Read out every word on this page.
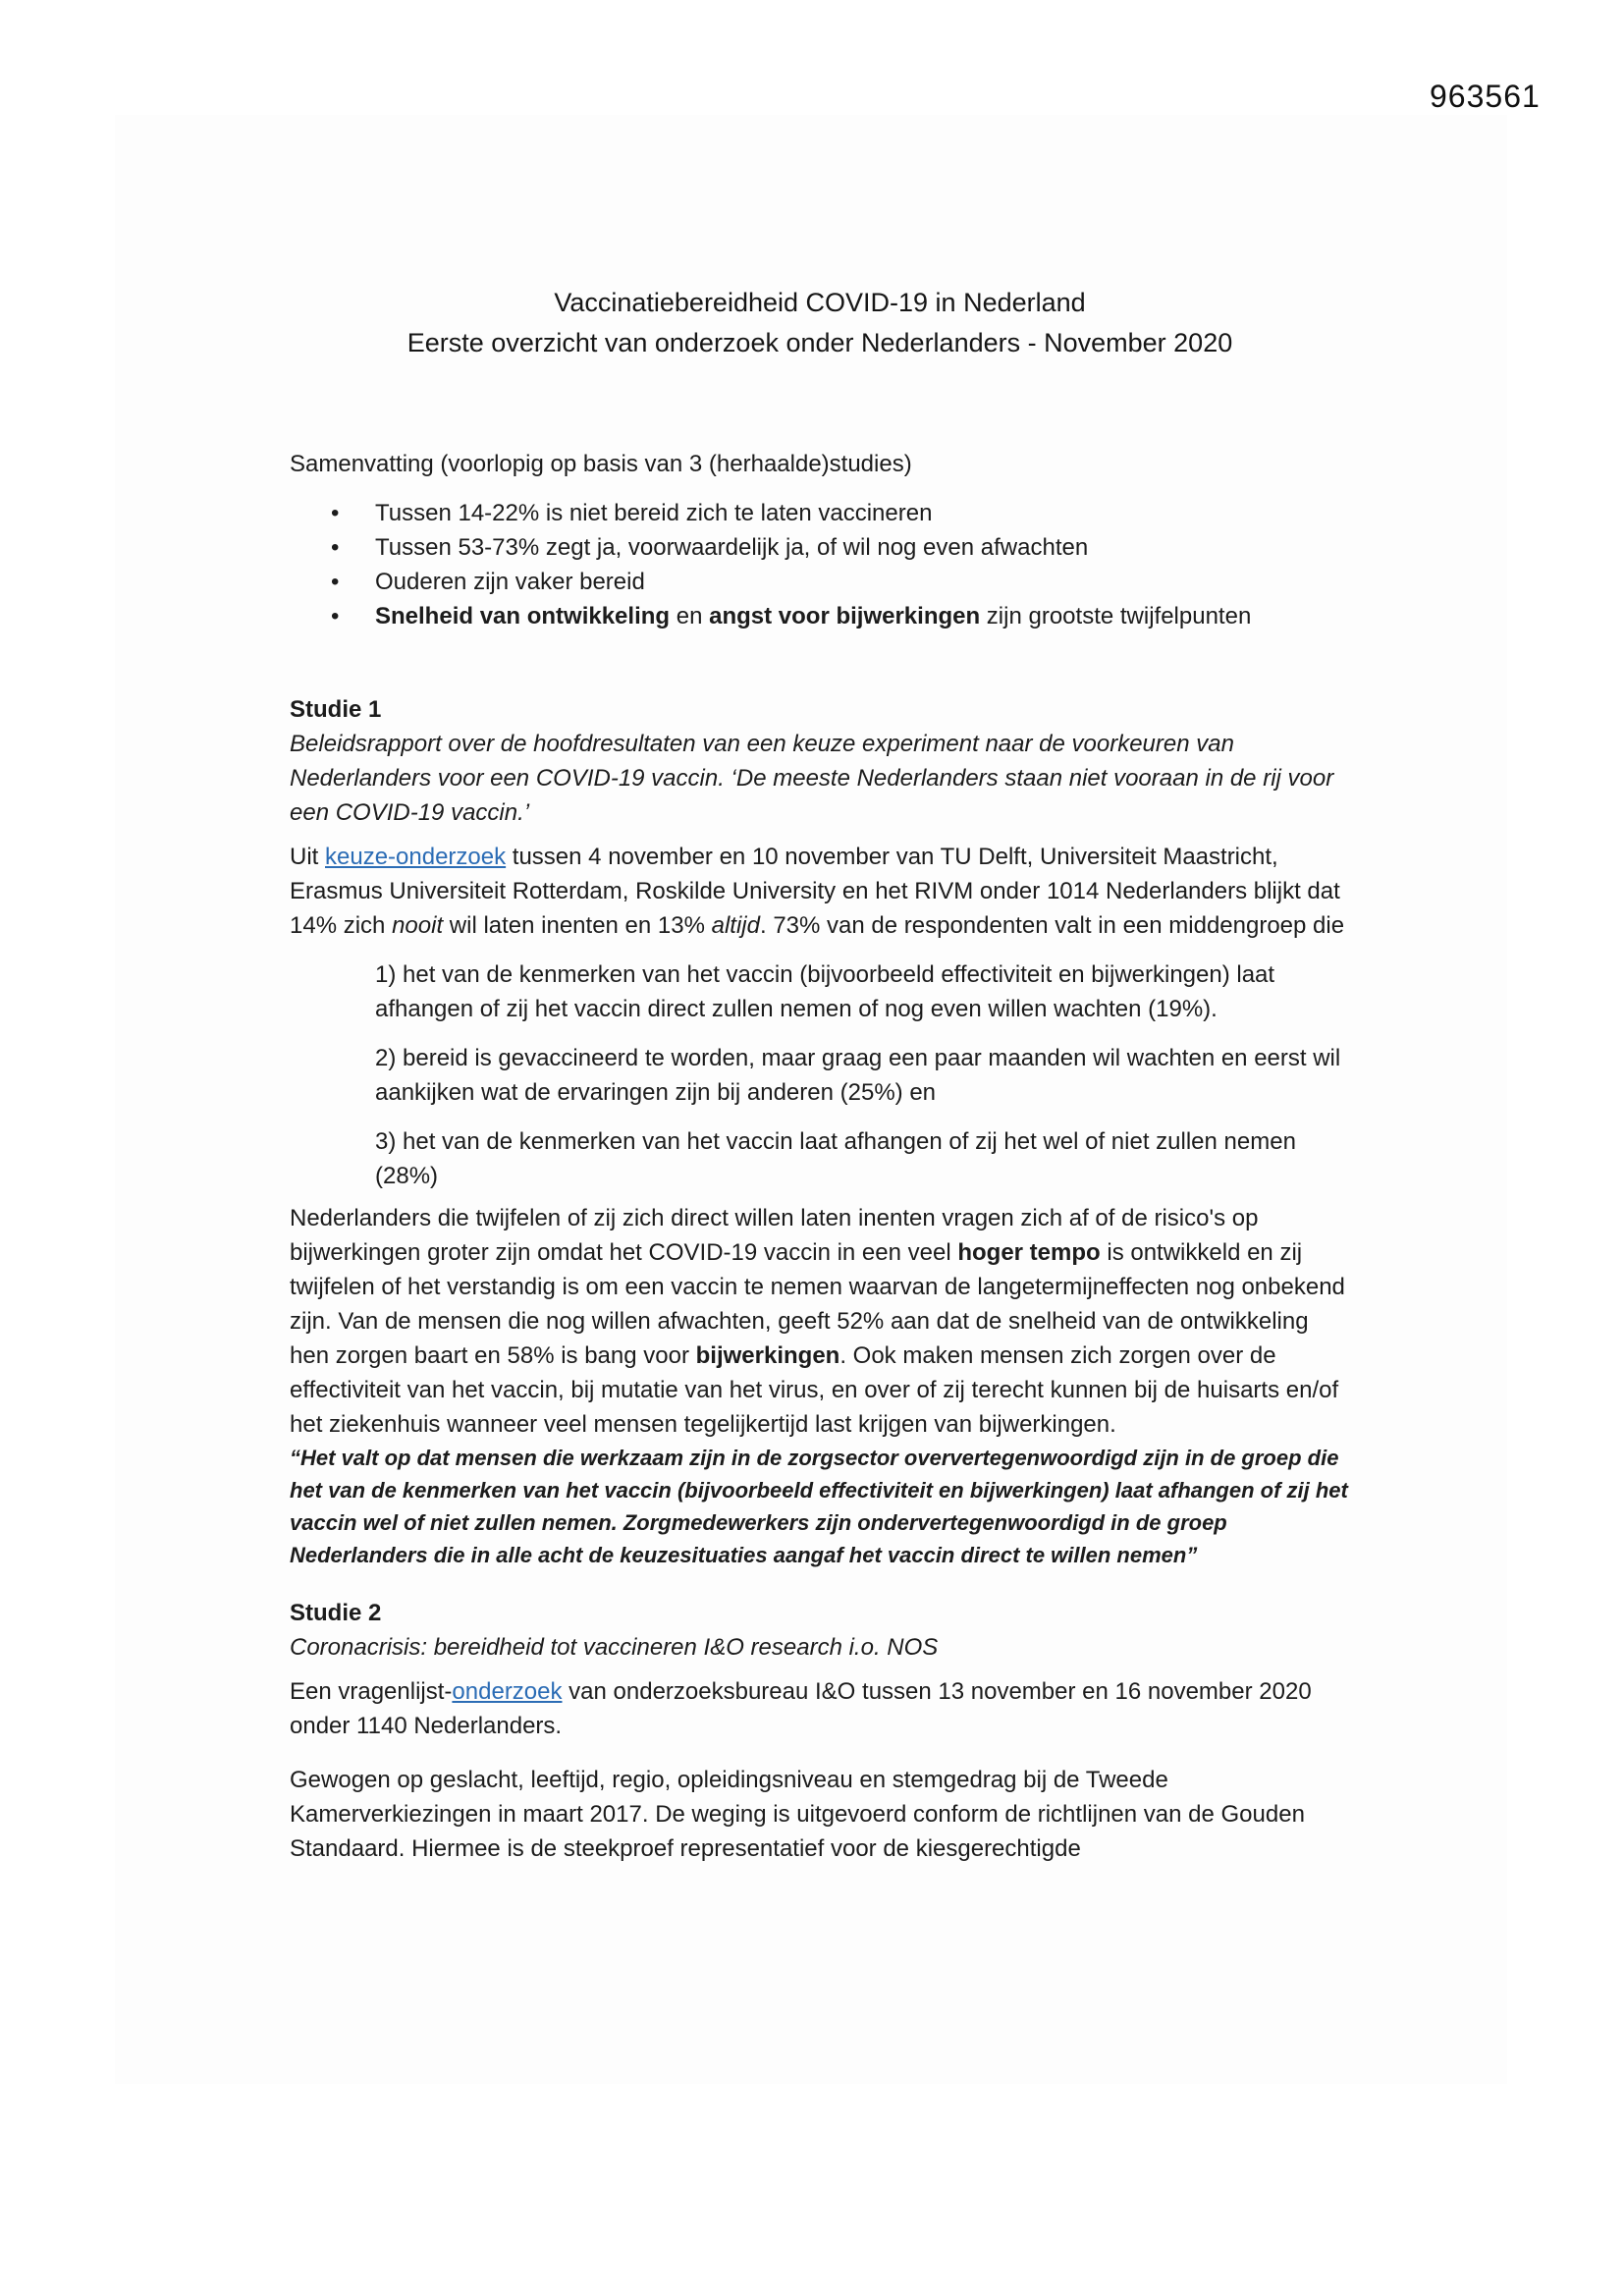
963561
Vaccinatiebereidheid COVID-19 in Nederland
Eerste overzicht van onderzoek onder Nederlanders - November 2020
Samenvatting (voorlopig op basis van 3 (herhaalde)studies)
•
Tussen 14-22% is niet bereid zich te laten vaccineren
•
Tussen 53-73% zegt ja, voorwaardelijk ja, of wil nog even afwachten
•
Ouderen zijn vaker bereid
•
Snelheid van ontwikkeling en angst voor bijwerkingen zijn grootste twijfelpunten
Studie 1
Beleidsrapport over de hoofdresultaten van een keuze experiment naar de voorkeuren van Nederlanders voor een COVID-19 vaccin. ‘De meeste Nederlanders staan niet vooraan in de rij voor een COVID-19 vaccin.’
Uit keuze-onderzoek tussen 4 november en 10 november van TU Delft, Universiteit Maastricht, Erasmus Universiteit Rotterdam, Roskilde University en het RIVM onder 1014 Nederlanders blijkt dat 14% zich nooit wil laten inenten en 13% altijd. 73% van de respondenten valt in een middengroep die
1) het van de kenmerken van het vaccin (bijvoorbeeld effectiviteit en bijwerkingen) laat afhangen of zij het vaccin direct zullen nemen of nog even willen wachten (19%).
2) bereid is gevaccineerd te worden, maar graag een paar maanden wil wachten en eerst wil aankijken wat de ervaringen zijn bij anderen (25%) en
3) het van de kenmerken van het vaccin laat afhangen of zij het wel of niet zullen nemen (28%)
Nederlanders die twijfelen of zij zich direct willen laten inenten vragen zich af of de risico's op bijwerkingen groter zijn omdat het COVID-19 vaccin in een veel hoger tempo is ontwikkeld en zij twijfelen of het verstandig is om een vaccin te nemen waarvan de langetermijneffecten nog onbekend zijn. Van de mensen die nog willen afwachten, geeft 52% aan dat de snelheid van de ontwikkeling hen zorgen baart en 58% is bang voor bijwerkingen. Ook maken mensen zich zorgen over de effectiviteit van het vaccin, bij mutatie van het virus, en over of zij terecht kunnen bij de huisarts en/of het ziekenhuis wanneer veel mensen tegelijkertijd last krijgen van bijwerkingen.
“Het valt op dat mensen die werkzaam zijn in de zorgsector oververtegenwoordigd zijn in de groep die het van de kenmerken van het vaccin (bijvoorbeeld effectiviteit en bijwerkingen) laat afhangen of zij het vaccin wel of niet zullen nemen. Zorgmedewerkers zijn ondervertegenwoordigd in de groep Nederlanders die in alle acht de keuzesituaties aangaf het vaccin direct te willen nemen”
Studie 2
Coronacrisis: bereidheid tot vaccineren I&O research i.o. NOS
Een vragenlijst-onderzoek van onderzoeksbureau I&O tussen 13 november en 16 november 2020 onder 1140 Nederlanders.
Gewogen op geslacht, leeftijd, regio, opleidingsniveau en stemgedrag bij de Tweede Kamerverkiezingen in maart 2017. De weging is uitgevoerd conform de richtlijnen van de Gouden Standaard. Hiermee is de steekproef representatief voor de kiesgerechtigde
